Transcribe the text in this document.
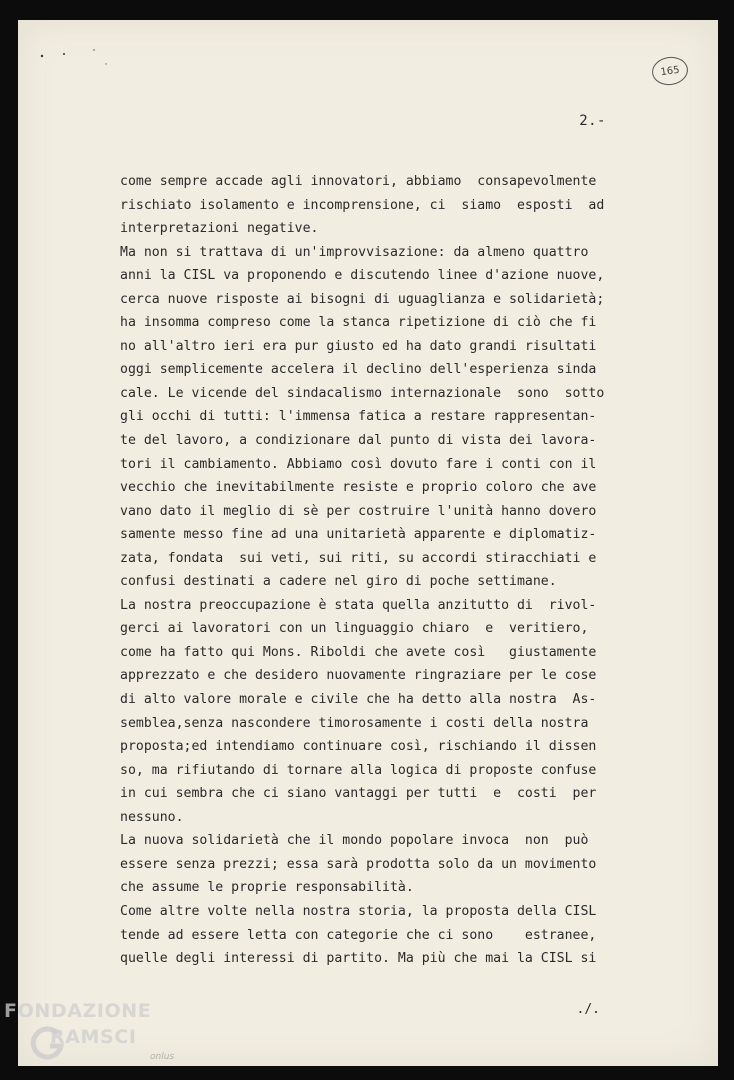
165
2.-
come sempre accade agli innovatori, abbiamo  consapevolmente
rischiato isolamento e incomprensione, ci  siamo  esposti  ad
interpretazioni negative.
Ma non si trattava di un'improvvisazione: da almeno quattro
anni la CISL va proponendo e discutendo linee d'azione nuove,
cerca nuove risposte ai bisogni di uguaglianza e solidarietà;
ha insomma compreso come la stanca ripetizione di ciò che fi
no all'altro ieri era pur giusto ed ha dato grandi risultati
oggi semplicemente accelera il declino dell'esperienza sinda
cale. Le vicende del sindacalismo internazionale  sono  sotto
gli occhi di tutti: l'immensa fatica a restare rappresentan-
te del lavoro, a condizionare dal punto di vista dei lavora-
tori il cambiamento. Abbiamo così dovuto fare i conti con il
vecchio che inevitabilmente resiste e proprio coloro che ave
vano dato il meglio di sè per costruire l'unità hanno dovero
samente messo fine ad una unitarietà apparente e diplomatiz-
zata, fondata  sui veti, sui riti, su accordi stiracchiati e
confusi destinati a cadere nel giro di poche settimane.
La nostra preoccupazione è stata quella anzitutto di  rivol-
gerci ai lavoratori con un linguaggio chiaro  e  veritiero,
come ha fatto qui Mons. Riboldi che avete così   giustamente
apprezzato e che desidero nuovamente ringraziare per le cose
di alto valore morale e civile che ha detto alla nostra  As-
semblea,senza nascondere timorosamente i costi della nostra
proposta;ed intendiamo continuare così, rischiando il dissen
so, ma rifiutando di tornare alla logica di proposte confuse
in cui sembra che ci siano vantaggi per tutti  e  costi  per
nessuno.
La nuova solidarietà che il mondo popolare invoca  non  può
essere senza prezzi; essa sarà prodotta solo da un movimento
che assume le proprie responsabilità.
Come altre volte nella nostra storia, la proposta della CISL
tende ad essere letta con categorie che ci sono    estranee,
quelle degli interessi di partito. Ma più che mai la CISL si
./.
FONDAZIONE
RAMSCI
onlus
